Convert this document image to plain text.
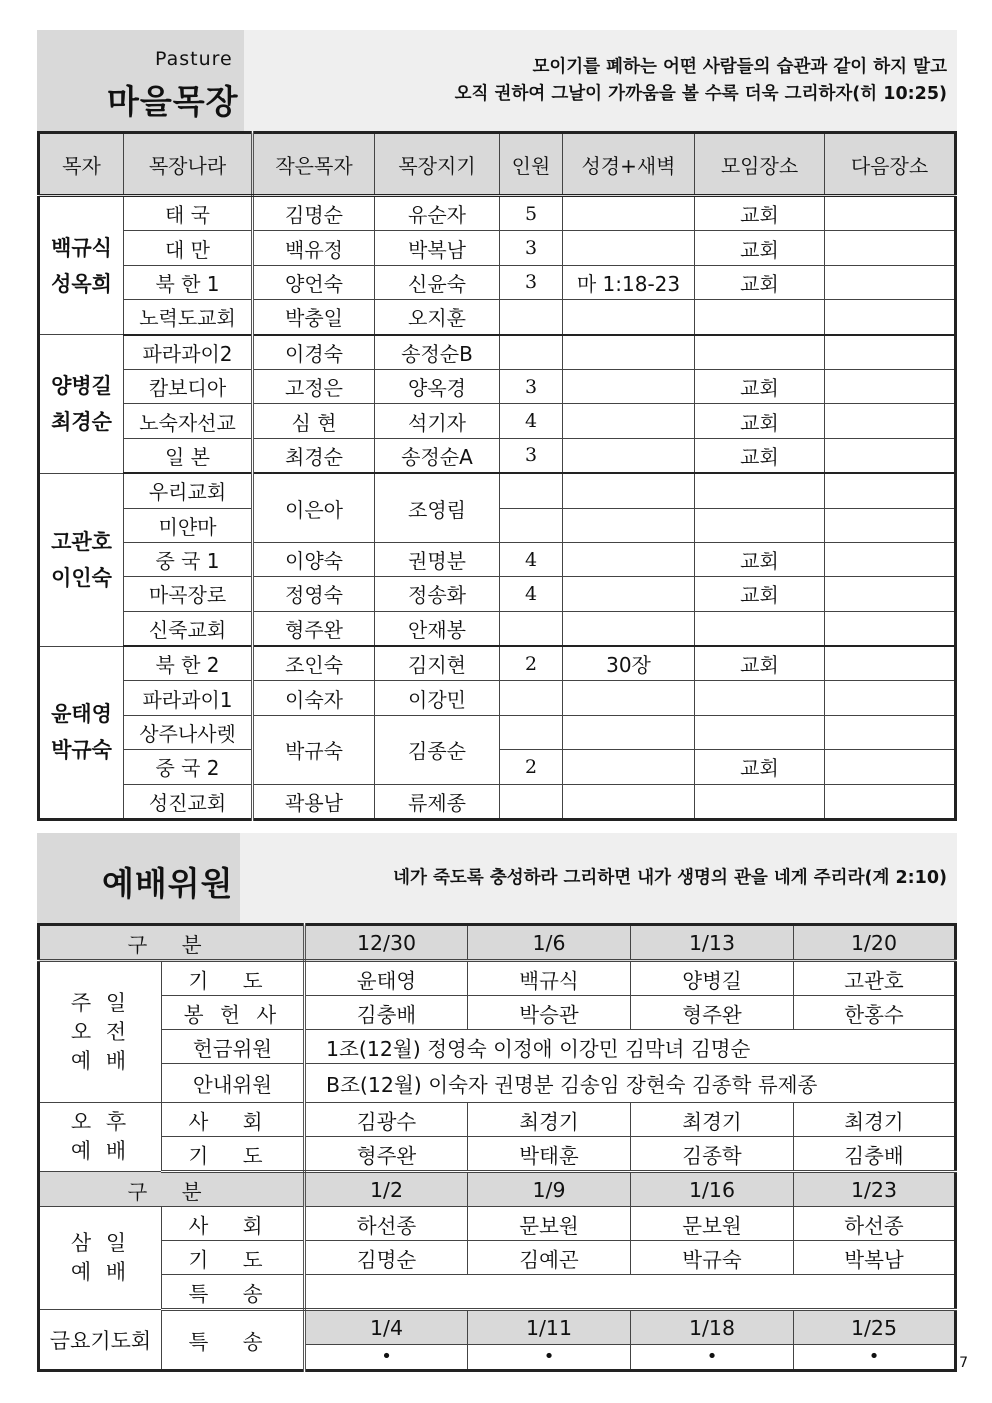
Pasture
마을목장
모이기를 폐하는 어떤 사람들의 습관과 같이 하지 말고
오직 권하여 그날이 가까움을 볼 수록 더욱 그리하자(히 10:25)
목자	목장나라	작은목자	목장지기	인원	성경+새벽	모임장소	다음장소

백규식
성옥희	태 국	김명순	유순자	5		교회	
	대 만	백유정	박복남	3		교회	
	북 한 1	양언숙	신윤숙	3	마 1:18-23	교회	
	노력도교회	박충일	오지훈				

양병길
최경순	파라과이2	이경숙	송정순B				
	캄보디아	고정은	양옥경	3		교회	
	노숙자선교	심 현	석기자	4		교회	
	일 본	최경순	송정순A	3		교회	

고관호
이인숙	우리교회	이은아	조영림				
	미얀마						
	중 국 1	이양숙	권명분	4		교회	
	마곡장로	정영숙	정송화	4		교회	
	신죽교회	형주완	안재봉				

윤태영
박규숙	북 한 2	조인숙	김지현	2	30장	교회	
	파라과이1	이숙자	이강민				
	상주나사렛	박규숙	김종순				
	중 국 2			2		교회	
	성진교회	곽용남	류제종				
예배위원	네가 죽도록 충성하라 그리하면 내가 생명의 관을 네게 주리라(계 2:10)
구 분		12/30	1/6	1/13	1/20
주 일
오 전
예 배	기 도	윤태영	백규식	양병길	고관호
	봉 헌 사	김충배	박승관	형주완	한홍수
	헌금위원	1조(12월) 정영숙 이정애 이강민 김막녀 김명순			
	안내위원	B조(12월) 이숙자 권명분 김송임 장현숙 김종학 류제종			
오 후
예 배	사 회	김광수	최경기	최경기	최경기
	기 도	형주완	박태훈	김종학	김충배
구 분		1/2	1/9	1/16	1/23
삼 일
예 배	사 회	하선종	문보원	문보원	하선종
	기 도	김명순	김예곤	박규숙	박복남
	특 송				
금요기도회	특 송	1/4	1/11	1/18	1/25
		•	•	•	•	7
